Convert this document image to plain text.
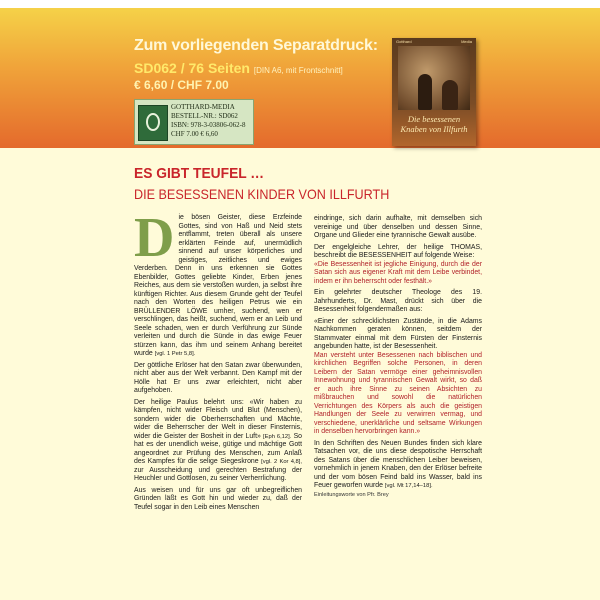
Zum vorliegenden Separatdruck:
SD062 / 76 Seiten [DIN A6, mit Frontschnitt]
€ 6,60 / CHF 7.00
GOTTHARD-MEDIA
BESTELL-NR.: SD062
ISBN: 978-3-03806-062-8
CHF 7.00 € 6,60
Gotthard	Media
Die besessenen Knaben von Illfurth
ES GIBT TEUFEL …
DIE BESESSENEN KINDER VON ILLFURTH

Die bösen Geister, diese Erzfeinde Gottes, sind von Haß und Neid stets entflammt, treten überall als unsere erklärten Feinde auf, unermüdlich sinnend auf unser körperliches und geistiges, zeitliches und ewiges Verderben. Denn in uns erkennen sie Gottes Ebenbilder, Gottes geliebte Kinder, Erben jenes Reiches, aus dem sie verstoßen wurden, ja selbst ihre künftigen Richter. Aus diesem Grunde geht der Teufel nach den Worten des heiligen Petrus wie ein BRÜLLENDER LÖWE umher, suchend, wen er verschlingen, das heißt, suchend, wem er an Leib und Seele schaden, wen er durch Verführung zur Sünde verleiten und durch die Sünde in das ewige Feuer stürzen kann, das ihm und seinem Anhang bereitet wurde [vgl. 1 Petr 5,8].

Der göttliche Erlöser hat den Satan zwar überwunden, nicht aber aus der Welt verbannt. Den Kampf mit der Hölle hat Er uns zwar erleichtert, nicht aber aufgehoben.

Der heilige Paulus belehrt uns: «Wir haben zu kämpfen, nicht wider Fleisch und Blut (Menschen), sondern wider die Oberherrschaften und Mächte, wider die Beherrscher der Welt in dieser Finsternis, wider die Geister der Bosheit in der Luft» [Eph 6,12]. So hat es der unendlich weise, gütige und mächtige Gott angeordnet zur Prüfung des Menschen, zum Anlaß des Kampfes für die selige Siegeskrone [vgl. 2 Kor 4,8], zur Ausscheidung und gerechten Bestrafung der Heuchler und Gottlosen, zu seiner Verherrlichung.

Aus weisen und für uns gar oft unbegreiflichen Gründen läßt es Gott hin und wieder zu, daß der Teufel sogar in den Leib eines Menschen

eindringe, sich darin aufhalte, mit demselben sich vereinige und über denselben und dessen Sinne, Organe und Glieder eine tyrannische Gewalt ausübe.

Der engelgleiche Lehrer, der heilige THOMAS, beschreibt die BESESSENHEIT auf folgende Weise:
«Die Besessenheit ist jegliche Einigung, durch die der Satan sich aus eigener Kraft mit dem Leibe verbindet, indem er ihn beherrscht oder festhält.»

Ein gelehrter deutscher Theologe des 19. Jahrhunderts, Dr. Mast, drückt sich über die Besessenheit folgendermaßen aus:

«Einer der schrecklichsten Zustände, in die Adams Nachkommen geraten können, seitdem der Stammvater einmal mit dem Fürsten der Finsternis angebunden hatte, ist der Besessenheit.
Man versteht unter Besessenen nach biblischen und kirchlichen Begriffen solche Personen, in deren Leibern der Satan vermöge einer geheimnisvollen Innewohnung und tyrannischen Gewalt wirkt, so daß er auch ihre Sinne zu seinen Absichten zu mißbrauchen und sowohl die natürlichen Verrichtungen des Körpers als auch die geistigen Handlungen der Seele zu verwirren vermag, und verschiedene, unerklärliche und seltsame Wirkungen in denselben hervorbringen kann.»

In den Schriften des Neuen Bundes finden sich klare Tatsachen vor, die uns diese despotische Herrschaft des Satans über die menschlichen Leiber beweisen, vornehmlich in jenem Knaben, den der Erlöser befreite und der vom bösen Feind bald ins Wasser, bald ins Feuer geworfen wurde [vgl. Mt 17,14–18].
Einleitungsworte von Pfr. Brey
